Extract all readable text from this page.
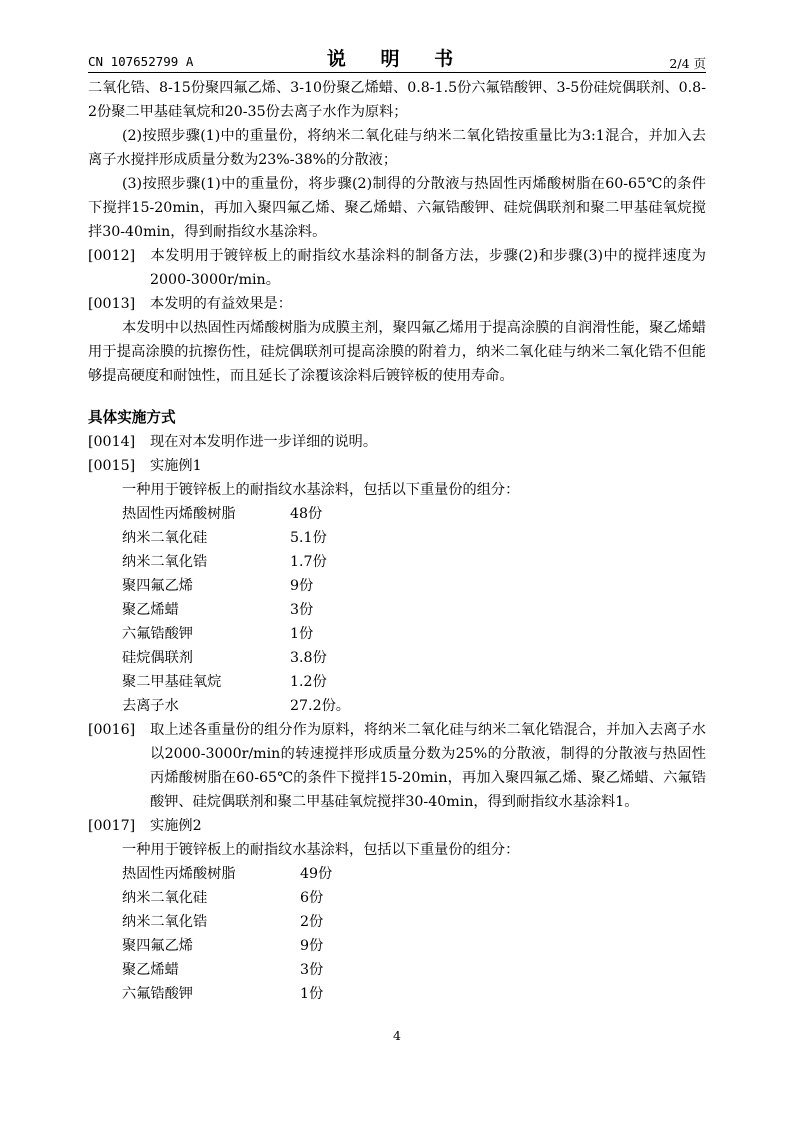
CN 107652799 A	说 明 书	2/4 页

二氧化锆、8-15份聚四氟乙烯、3-10份聚乙烯蜡、0.8-1.5份六氟锆酸钾、3-5份硅烷偶联剂、0.8-2份聚二甲基硅氧烷和20-35份去离子水作为原料；

(2)按照步骤(1)中的重量份，将纳米二氧化硅与纳米二氧化锆按重量比为3:1混合，并加入去离子水搅拌形成质量分数为23%-38%的分散液；

(3)按照步骤(1)中的重量份，将步骤(2)制得的分散液与热固性丙烯酸树脂在60-65℃的条件下搅拌15-20min，再加入聚四氟乙烯、聚乙烯蜡、六氟锆酸钾、硅烷偶联剂和聚二甲基硅氧烷搅拌30-40min，得到耐指纹水基涂料。

[0012] 本发明用于镀锌板上的耐指纹水基涂料的制备方法，步骤(2)和步骤(3)中的搅拌速度为2000-3000r/min。

[0013] 本发明的有益效果是：

本发明中以热固性丙烯酸树脂为成膜主剂，聚四氟乙烯用于提高涂膜的自润滑性能，聚乙烯蜡用于提高涂膜的抗擦伤性，硅烷偶联剂可提高涂膜的附着力，纳米二氧化硅与纳米二氧化锆不但能够提高硬度和耐蚀性，而且延长了涂覆该涂料后镀锌板的使用寿命。

具体实施方式

[0014] 现在对本发明作进一步详细的说明。

[0015] 实施例1

一种用于镀锌板上的耐指纹水基涂料，包括以下重量份的组分：

热固性丙烯酸树脂	48份
纳米二氧化硅	5.1份
纳米二氧化锆	1.7份
聚四氟乙烯	9份
聚乙烯蜡	3份
六氟锆酸钾	1份
硅烷偶联剂	3.8份
聚二甲基硅氧烷	1.2份
去离子水	27.2份。

[0016] 取上述各重量份的组分作为原料，将纳米二氧化硅与纳米二氧化锆混合，并加入去离子水以2000-3000r/min的转速搅拌形成质量分数为25%的分散液，制得的分散液与热固性丙烯酸树脂在60-65℃的条件下搅拌15-20min，再加入聚四氟乙烯、聚乙烯蜡、六氟锆酸钾、硅烷偶联剂和聚二甲基硅氧烷搅拌30-40min，得到耐指纹水基涂料1。

[0017] 实施例2

一种用于镀锌板上的耐指纹水基涂料，包括以下重量份的组分：

热固性丙烯酸树脂	49份
纳米二氧化硅	6份
纳米二氧化锆	2份
聚四氟乙烯	9份
聚乙烯蜡	3份
六氟锆酸钾	1份
4
